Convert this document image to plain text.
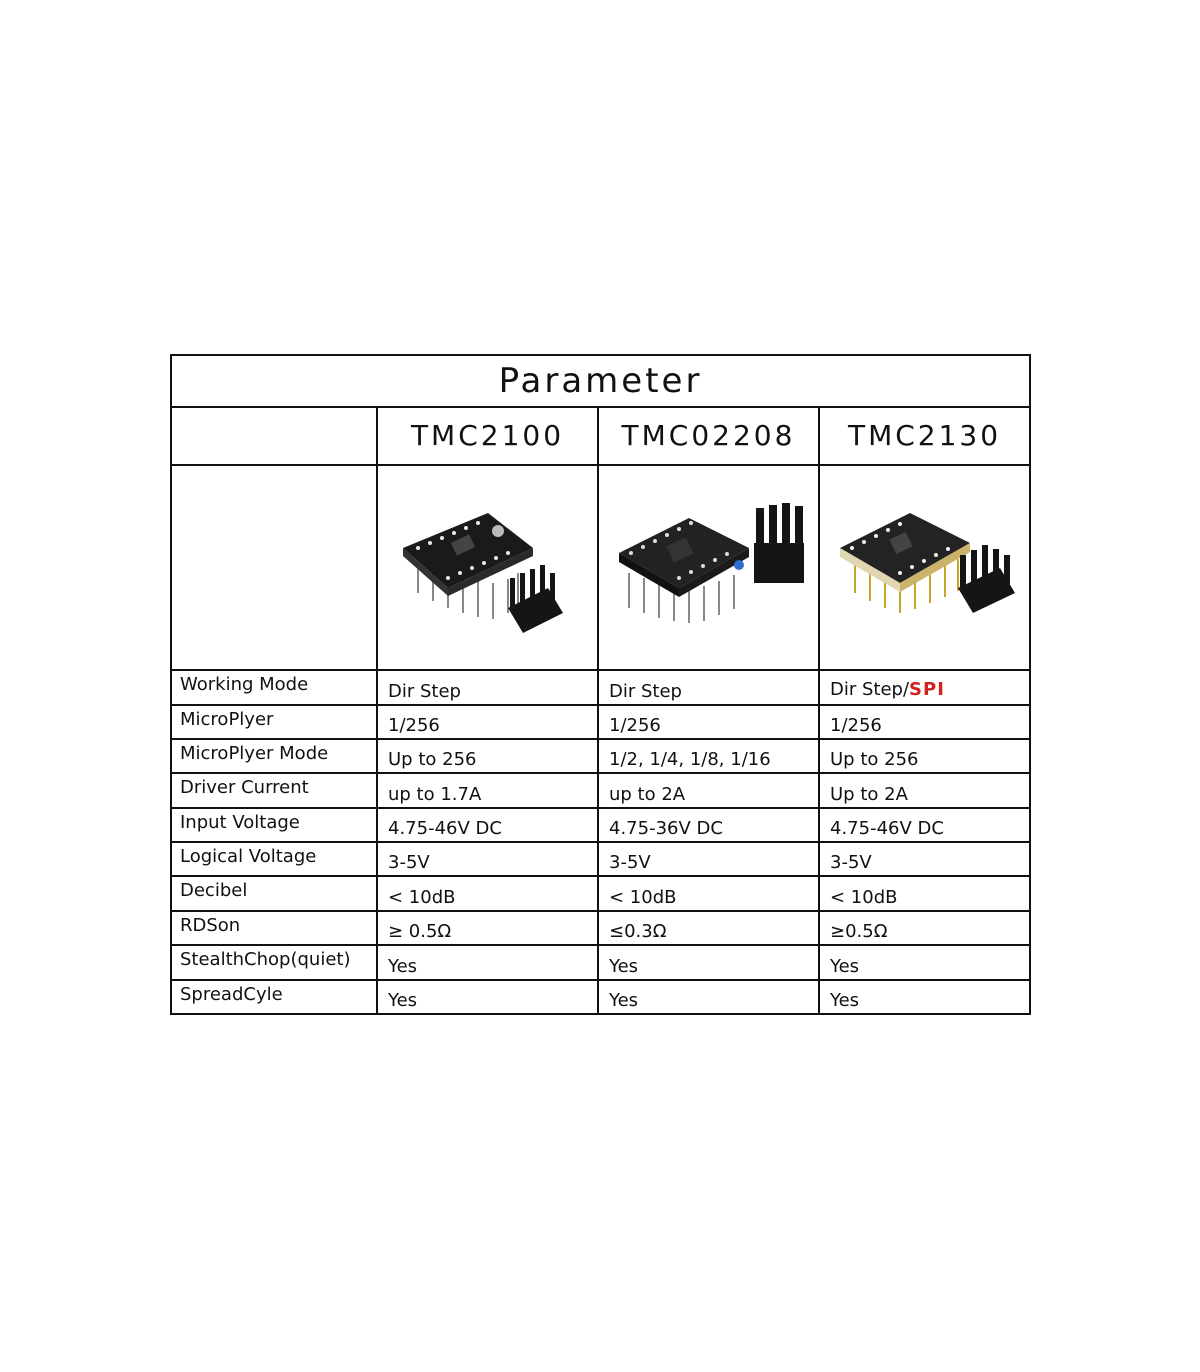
Parameter			
	TMC2100	TMC02208	TMC2130

Working Mode	Dir Step	Dir Step	Dir Step/SPI
MicroPlyer	1/256	1/256	1/256
MicroPlyer Mode	Up to 256	1/2, 1/4, 1/8, 1/16	Up to 256
Driver Current	up to 1.7A	up to 2A	Up to 2A
Input Voltage	4.75-46V DC	4.75-36V DC	4.75-46V DC
Logical Voltage	3-5V	3-5V	3-5V
Decibel	< 10dB	< 10dB	< 10dB
RDSon	≥ 0.5Ω	≤0.3Ω	≥0.5Ω
StealthChop(quiet)	Yes	Yes	Yes
SpreadCyle	Yes	Yes	Yes
